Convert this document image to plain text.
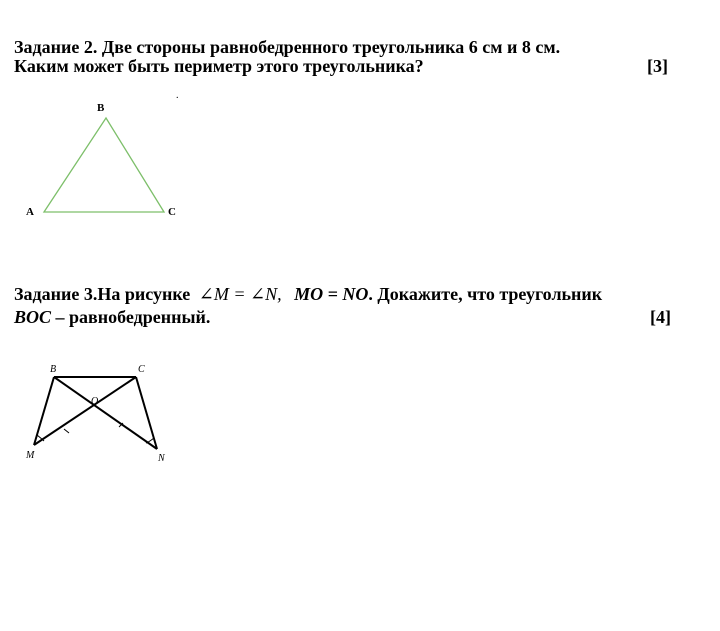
Задание 2. Две стороны равнобедренного треугольника 6 см и 8 см.
Каким может быть периметр этого треугольника?	[3]
.
B
A	C
Задание 3.На рисунке ∠M = ∠N, MO = NO. Докажите, что треугольник
BOC – равнобедренный.	[4]
B	C
O
M	N
